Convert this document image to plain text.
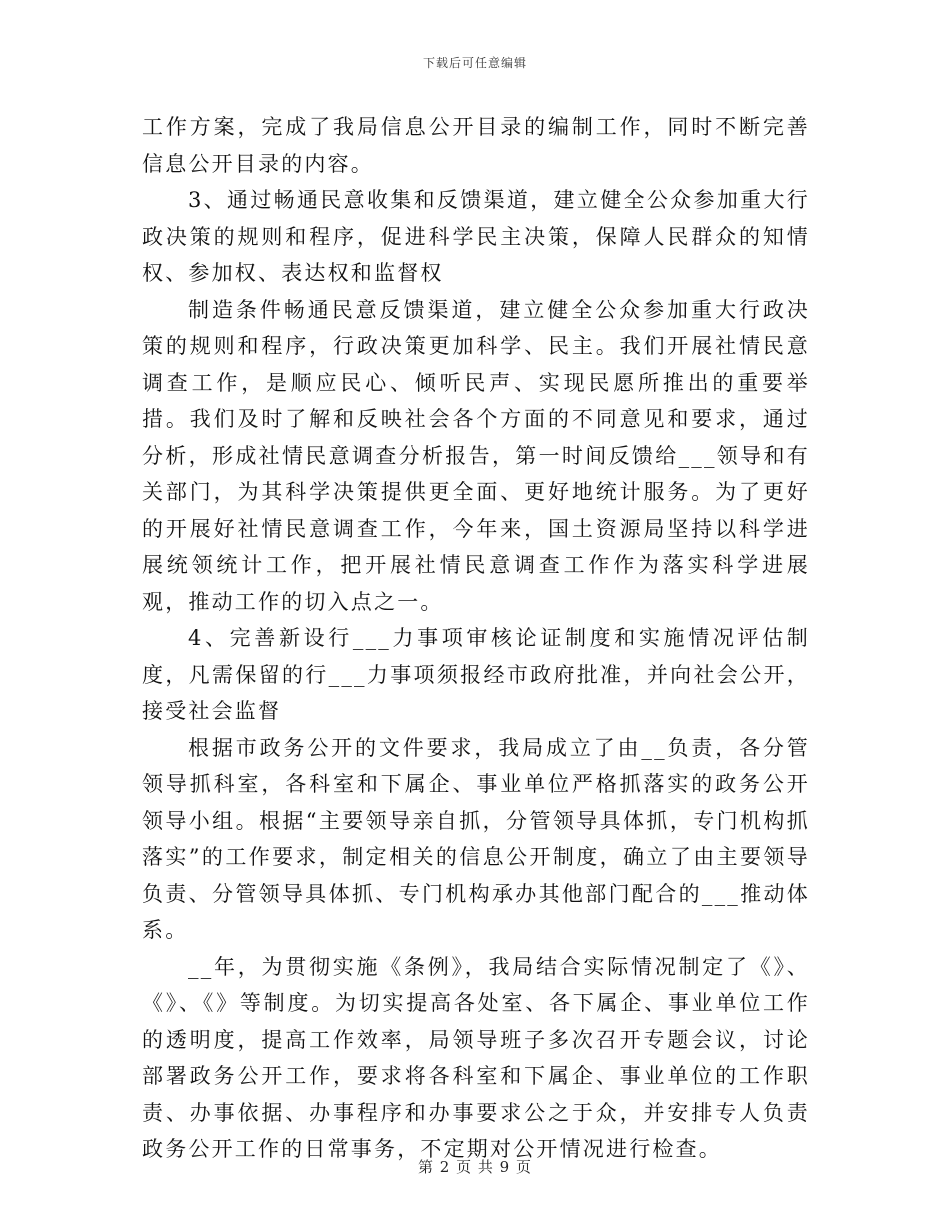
下载后可任意编辑

工作方案，完成了我局信息公开目录的编制工作，同时不断完善信息公开目录的内容。

3、通过畅通民意收集和反馈渠道，建立健全公众参加重大行政决策的规则和程序，促进科学民主决策，保障人民群众的知情权、参加权、表达权和监督权

制造条件畅通民意反馈渠道，建立健全公众参加重大行政决策的规则和程序，行政决策更加科学、民主。我们开展社情民意调查工作，是顺应民心、倾听民声、实现民愿所推出的重要举措。我们及时了解和反映社会各个方面的不同意见和要求，通过分析，形成社情民意调查分析报告，第一时间反馈给___领导和有关部门，为其科学决策提供更全面、更好地统计服务。为了更好的开展好社情民意调查工作，今年来，国土资源局坚持以科学进展统领统计工作，把开展社情民意调查工作作为落实科学进展观，推动工作的切入点之一。

4、完善新设行___力事项审核论证制度和实施情况评估制度，凡需保留的行___力事项须报经市政府批准，并向社会公开，接受社会监督

根据市政务公开的文件要求，我局成立了由__负责，各分管领导抓科室，各科室和下属企、事业单位严格抓落实的政务公开领导小组。根据“主要领导亲自抓，分管领导具体抓，专门机构抓落实”的工作要求，制定相关的信息公开制度，确立了由主要领导负责、分管领导具体抓、专门机构承办其他部门配合的___推动体系。

__年，为贯彻实施《条例》，我局结合实际情况制定了《》、《》、《》等制度。为切实提高各处室、各下属企、事业单位工作的透明度，提高工作效率，局领导班子多次召开专题会议，讨论部署政务公开工作，要求将各科室和下属企、事业单位的工作职责、办事依据、办事程序和办事要求公之于众，并安排专人负责政务公开工作的日常事务，不定期对公开情况进行检查。

第 2 页 共 9 页
